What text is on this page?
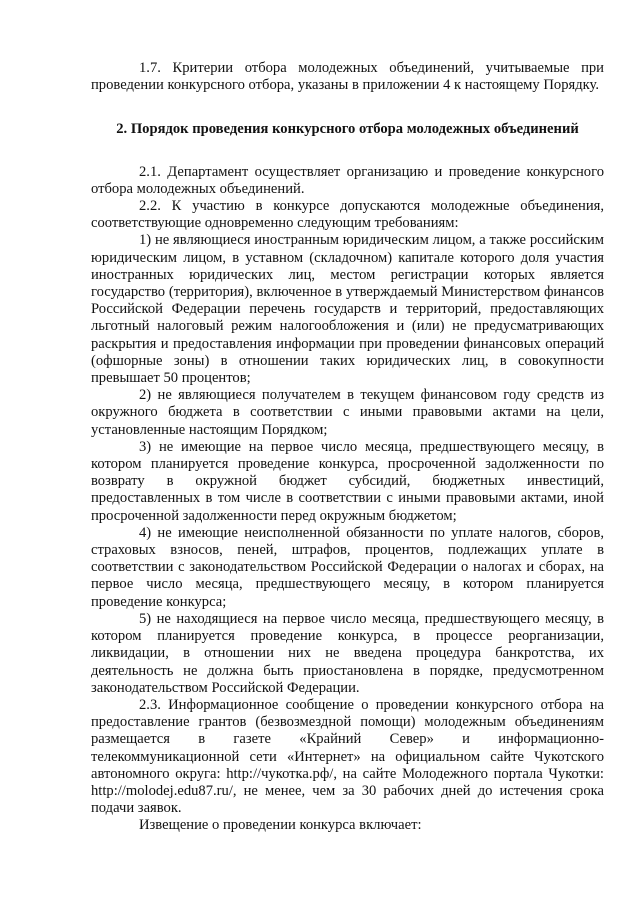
1.7. Критерии отбора молодежных объединений, учитываемые при проведении конкурсного отбора, указаны в приложении 4 к настоящему Порядку.

2. Порядок проведения конкурсного отбора молодежных объединений

2.1. Департамент осуществляет организацию и проведение конкурсного отбора молодежных объединений.

2.2. К участию в конкурсе допускаются молодежные объединения, соответствующие одновременно следующим требованиям:

1) не являющиеся иностранным юридическим лицом, а также российским юридическим лицом, в уставном (складочном) капитале которого доля участия иностранных юридических лиц, местом регистрации которых является государство (территория), включенное в утверждаемый Министерством финансов Российской Федерации перечень государств и территорий, предоставляющих льготный налоговый режим налогообложения и (или) не предусматривающих раскрытия и предоставления информации при проведении финансовых операций (офшорные зоны) в отношении таких юридических лиц, в совокупности превышает 50 процентов;

2) не являющиеся получателем в текущем финансовом году средств из окружного бюджета в соответствии с иными правовыми актами на цели, установленные настоящим Порядком;

3) не имеющие на первое число месяца, предшествующего месяцу, в котором планируется проведение конкурса, просроченной задолженности по возврату в окружной бюджет субсидий, бюджетных инвестиций, предоставленных в том числе в соответствии с иными правовыми актами, иной просроченной задолженности перед окружным бюджетом;

4) не имеющие неисполненной обязанности по уплате налогов, сборов, страховых взносов, пеней, штрафов, процентов, подлежащих уплате в соответствии с законодательством Российской Федерации о налогах и сборах, на первое число месяца, предшествующего месяцу, в котором планируется проведение конкурса;

5) не находящиеся на первое число месяца, предшествующего месяцу, в котором планируется проведение конкурса, в процессе реорганизации, ликвидации, в отношении них не введена процедура банкротства, их деятельность не должна быть приостановлена в порядке, предусмотренном законодательством Российской Федерации.

2.3. Информационное сообщение о проведении конкурсного отбора на предоставление грантов (безвозмездной помощи) молодежным объединениям размещается в газете «Крайний Север» и информационно-телекоммуникационной сети «Интернет» на официальном сайте Чукотского автономного округа: http://чукотка.рф/, на сайте Молодежного портала Чукотки: http://molodej.edu87.ru/, не менее, чем за 30 рабочих дней до истечения срока подачи заявок.

Извещение о проведении конкурса включает:
